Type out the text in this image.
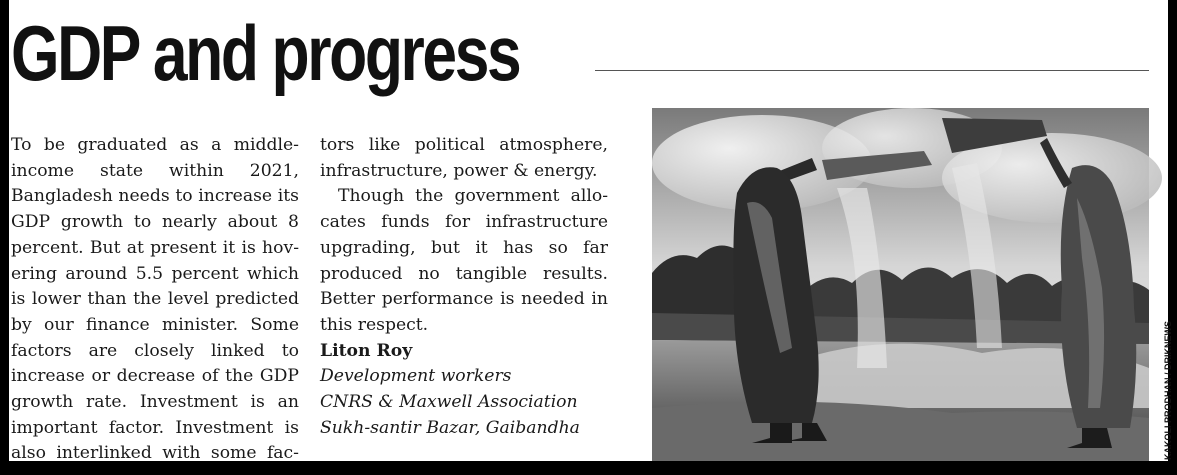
GDP and progress

To be graduated as a middle-
income state within 2021,
Bangladesh needs to increase its
GDP growth to nearly about 8
percent. But at present it is hov-
ering around 5.5 percent which
is lower than the level predicted
by our finance minister. Some
factors are closely linked to
increase or decrease of the GDP
growth rate. Investment is an
important factor. Investment is
also interlinked with some fac-

tors like political atmosphere,
infrastructure, power & energy.

Though the government allo-
cates funds for infrastructure
upgrading, but it has so far
produced no tangible results.
Better performance is needed in
this respect.

Liton Roy
Development workers
CNRS & Maxwell Association
Sukh-santir Bazar, Gaibandha	KAKOLI PRODHAN / DRIKNEWS
